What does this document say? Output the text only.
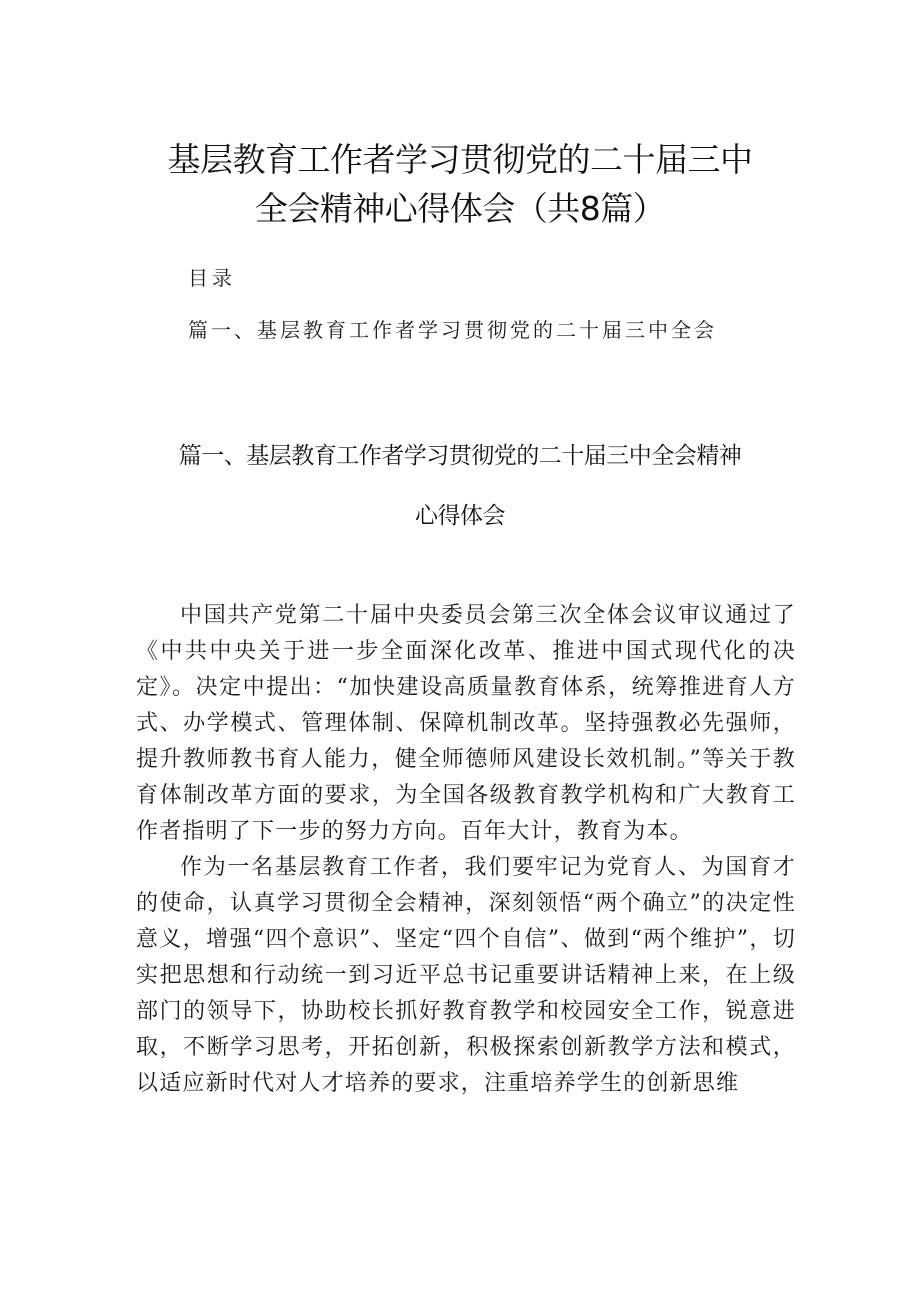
基层教育工作者学习贯彻党的二十届三中
全会精神心得体会（共8篇）
目录
篇一、基层教育工作者学习贯彻党的二十届三中全会
篇一、基层教育工作者学习贯彻党的二十届三中全会精神
心得体会

中国共产党第二十届中央委员会第三次全体会议审议通过了《中共中央关于进一步全面深化改革、推进中国式现代化的决定》。决定中提出：“加快建设高质量教育体系，统筹推进育人方式、办学模式、管理体制、保障机制改革。坚持强教必先强师，提升教师教书育人能力，健全师德师风建设长效机制。”等关于教育体制改革方面的要求，为全国各级教育教学机构和广大教育工作者指明了下一步的努力方向。百年大计，教育为本。

作为一名基层教育工作者，我们要牢记为党育人、为国育才的使命，认真学习贯彻全会精神，深刻领悟“两个确立”的决定性意义，增强“四个意识”、坚定“四个自信”、做到“两个维护”，切实把思想和行动统一到习近平总书记重要讲话精神上来，在上级部门的领导下，协助校长抓好教育教学和校园安全工作，锐意进取，不断学习思考，开拓创新，积极探索创新教学方法和模式，以适应新时代对人才培养的要求，注重培养学生的创新思维
